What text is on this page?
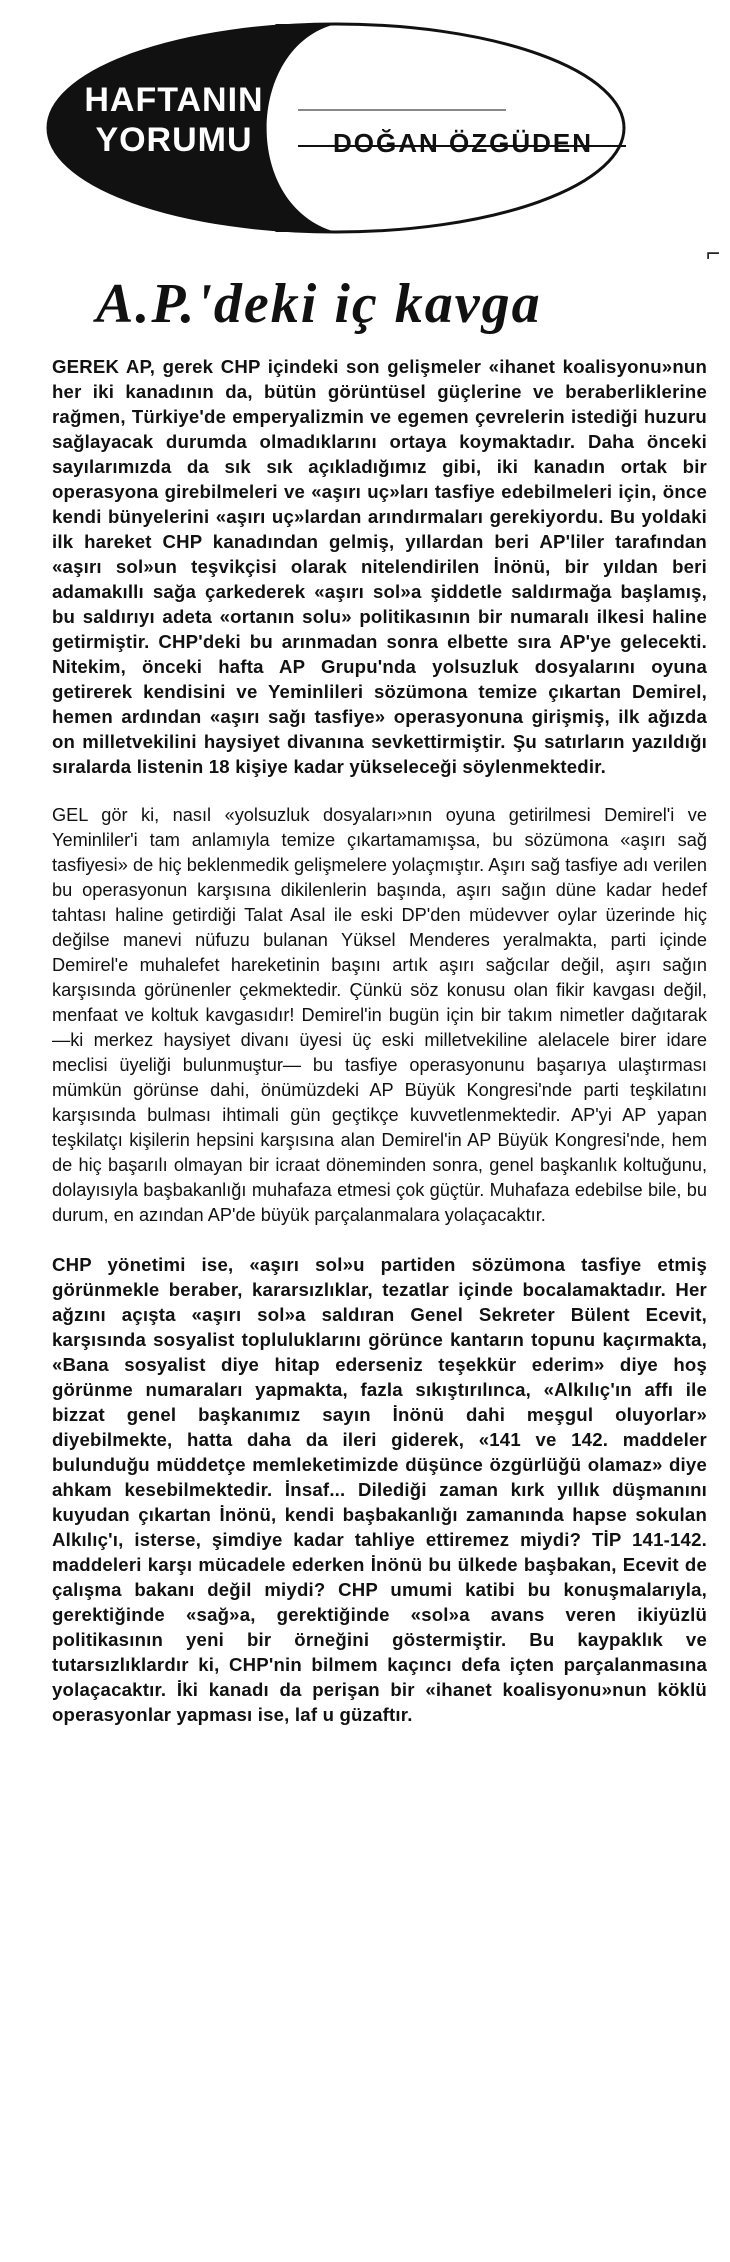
HAFTANIN
YORUMU	DOĞAN ÖZGÜDEN
⌐
A.P.'deki iç kavga

GEREK AP, gerek CHP içindeki son gelişmeler «ihanet koalisyonu»nun her iki kanadının da, bütün görüntüsel güçlerine ve beraberliklerine rağmen, Türkiye'de emperyalizmin ve egemen çevrelerin istediği huzuru sağlayacak durumda olmadıklarını ortaya koymaktadır. Daha önceki sayılarımızda da sık sık açıkladığımız gibi, iki kanadın ortak bir operasyona girebilmeleri ve «aşırı uç»ları tasfiye edebilmeleri için, önce kendi bünyelerini «aşırı uç»lardan arındırmaları gerekiyordu. Bu yoldaki ilk hareket CHP kanadından gelmiş, yıllardan beri AP'liler tarafından «aşırı sol»un teşvikçisi olarak nitelendirilen İnönü, bir yıldan beri adamakıllı sağa çarkederek «aşırı sol»a şiddetle saldırmağa başlamış, bu saldırıyı adeta «ortanın solu» politikasının bir numaralı ilkesi haline getirmiştir. CHP'deki bu arınmadan sonra elbette sıra AP'ye gelecekti. Nitekim, önceki hafta AP Grupu'nda yolsuzluk dosyalarını oyuna getirerek kendisini ve Yeminlileri sözümona temize çıkartan Demirel, hemen ardından «aşırı sağı tasfiye» operasyonuna girişmiş, ilk ağızda on milletvekilini haysiyet divanına sevkettirmiştir. Şu satırların yazıldığı sıralarda listenin 18 kişiye kadar yükseleceği söylenmektedir.

GEL gör ki, nasıl «yolsuzluk dosyaları»nın oyuna getirilmesi Demirel'i ve Yeminliler'i tam anlamıyla temize çıkartamamışsa, bu sözümona «aşırı sağ tasfiyesi» de hiç beklenmedik gelişmelere yolaçmıştır. Aşırı sağ tasfiye adı verilen bu operasyonun karşısına dikilenlerin başında, aşırı sağın düne kadar hedef tahtası haline getirdiği Talat Asal ile eski DP'den müdevver oylar üzerinde hiç değilse manevi nüfuzu bulanan Yüksel Menderes yeralmakta, parti içinde Demirel'e muhalefet hareketinin başını artık aşırı sağcılar değil, aşırı sağın karşısında görünenler çekmektedir. Çünkü söz konusu olan fikir kavgası değil, menfaat ve koltuk kavgasıdır! Demirel'in bugün için bir takım nimetler dağıtarak —ki merkez haysiyet divanı üyesi üç eski milletvekiline alelacele birer idare meclisi üyeliği bulunmuştur— bu tasfiye operasyonunu başarıya ulaştırması mümkün görünse dahi, önümüzdeki AP Büyük Kongresi'nde parti teşkilatını karşısında bulması ihtimali gün geçtikçe kuvvetlenmektedir. AP'yi AP yapan teşkilatçı kişilerin hepsini karşısına alan Demirel'in AP Büyük Kongresi'nde, hem de hiç başarılı olmayan bir icraat döneminden sonra, genel başkanlık koltuğunu, dolayısıyla başbakanlığı muhafaza etmesi çok güçtür. Muhafaza edebilse bile, bu durum, en azından AP'de büyük parçalanmalara yolaçacaktır.

CHP yönetimi ise, «aşırı sol»u partiden sözümona tasfiye etmiş görünmekle beraber, kararsızlıklar, tezatlar içinde bocalamaktadır. Her ağzını açışta «aşırı sol»a saldıran Genel Sekreter Bülent Ecevit, karşısında sosyalist topluluklarını görünce kantarın topunu kaçırmakta, «Bana sosyalist diye hitap ederseniz teşekkür ederim» diye hoş görünme numaraları yapmakta, fazla sıkıştırılınca, «Alkılıç'ın affı ile bizzat genel başkanımız sayın İnönü dahi meşgul oluyorlar» diyebilmekte, hatta daha da ileri giderek, «141 ve 142. maddeler bulunduğu müddetçe memleketimizde düşünce özgürlüğü olamaz» diye ahkam kesebilmektedir. İnsaf... Dilediği zaman kırk yıllık düşmanını kuyudan çıkartan İnönü, kendi başbakanlığı zamanında hapse sokulan Alkılıç'ı, isterse, şimdiye kadar tahliye ettiremez miydi? TİP 141-142. maddeleri karşı mücadele ederken İnönü bu ülkede başbakan, Ecevit de çalışma bakanı değil miydi? CHP umumi katibi bu konuşmalarıyla, gerektiğinde «sağ»a, gerektiğinde «sol»a avans veren ikiyüzlü politikasının yeni bir örneğini göstermiştir. Bu kaypaklık ve tutarsızlıklardır ki, CHP'nin bilmem kaçıncı defa içten parçalanmasına yolaçacaktır. İki kanadı da perişan bir «ihanet koalisyonu»nun köklü operasyonlar yapması ise, laf u güzaftır.
